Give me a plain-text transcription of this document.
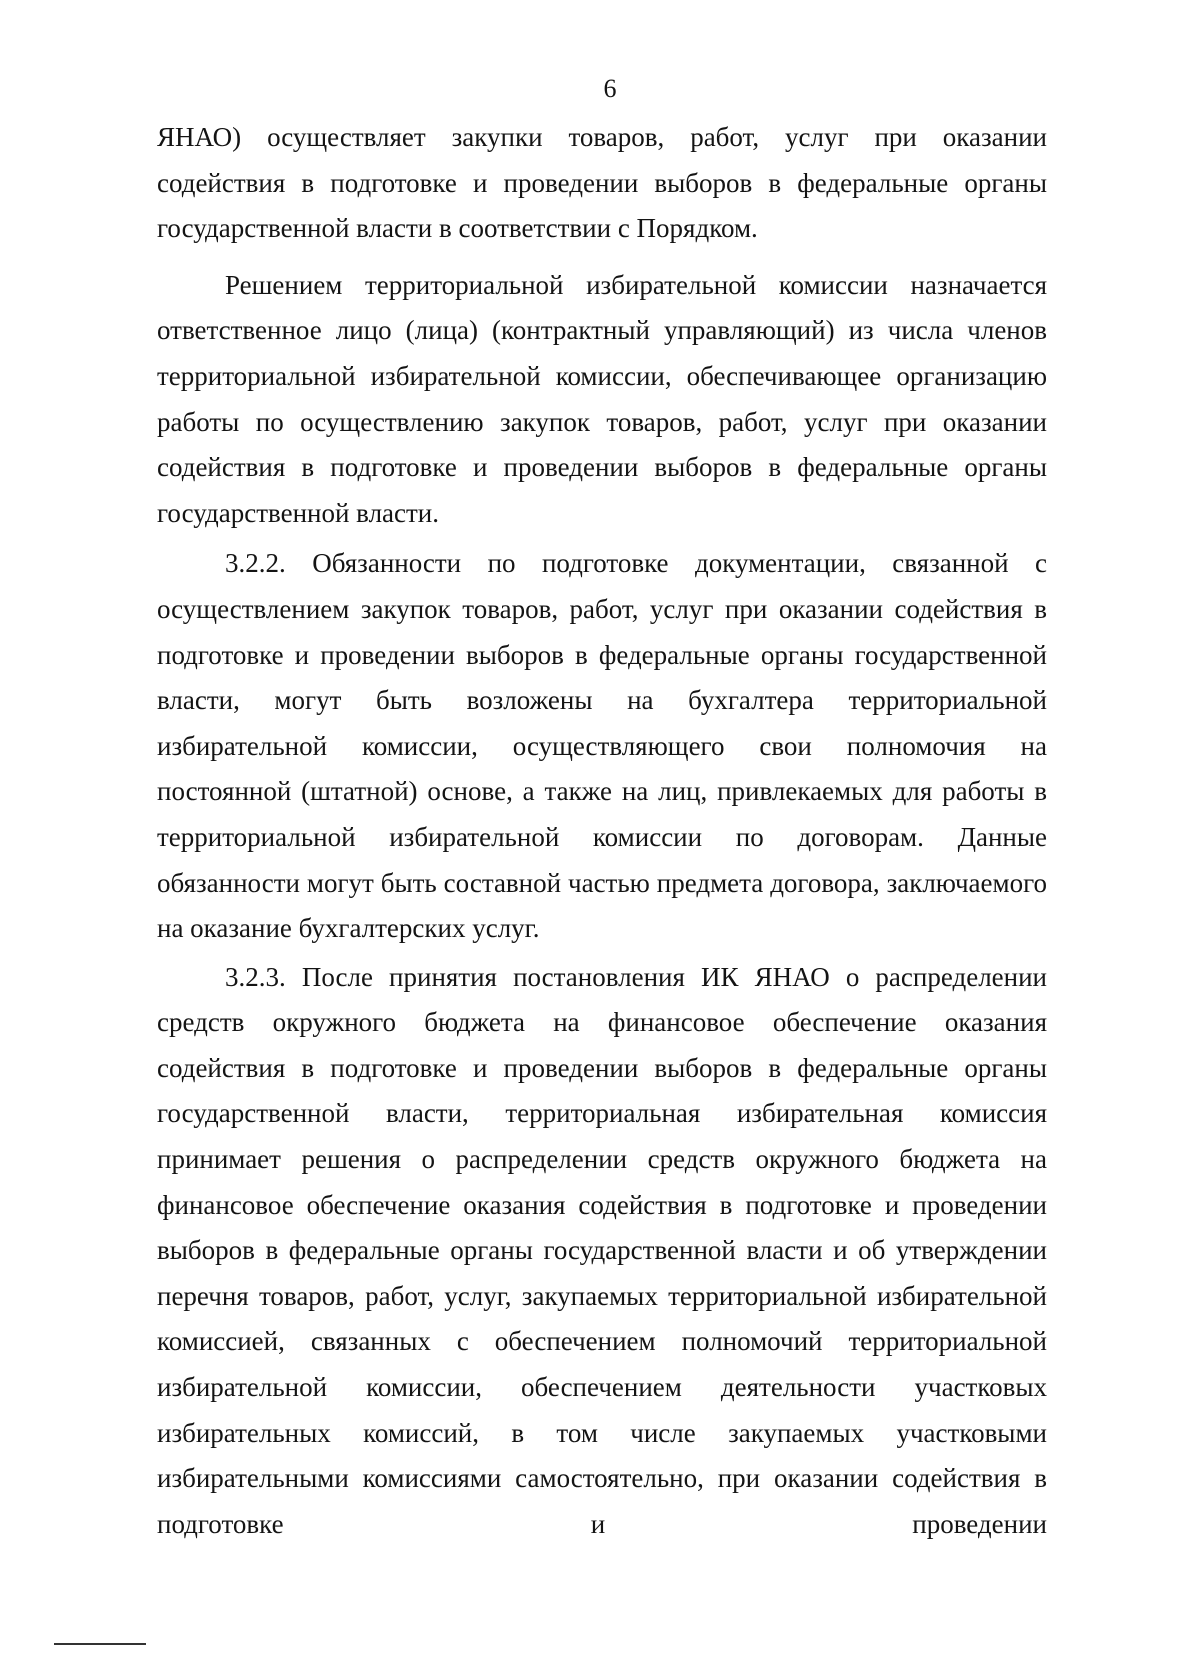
6

ЯНАО) осуществляет закупки товаров, работ, услуг при оказании содействия в подготовке и проведении выборов в федеральные органы государственной власти в соответствии с Порядком.

Решением территориальной избирательной комиссии назначается ответственное лицо (лица) (контрактный управляющий) из числа членов территориальной избирательной комиссии, обеспечивающее организацию работы по осуществлению закупок товаров, работ, услуг при оказании содействия в подготовке и проведении выборов в федеральные органы государственной власти.

3.2.2. Обязанности по подготовке документации, связанной с осуществлением закупок товаров, работ, услуг при оказании содействия в подготовке и проведении выборов в федеральные органы государственной власти, могут быть возложены на бухгалтера территориальной избирательной комиссии, осуществляющего свои полномочия на постоянной (штатной) основе, а также на лиц, привлекаемых для работы в территориальной избирательной комиссии по договорам. Данные обязанности могут быть составной частью предмета договора, заключаемого на оказание бухгалтерских услуг.

3.2.3. После принятия постановления ИК ЯНАО о распределении средств окружного бюджета на финансовое обеспечение оказания содействия в подготовке и проведении выборов в федеральные органы государственной власти, территориальная избирательная комиссия принимает решения о распределении средств окружного бюджета на финансовое обеспечение оказания содействия в подготовке и проведении выборов в федеральные органы государственной власти и об утверждении перечня товаров, работ, услуг, закупаемых территориальной избирательной комиссией, связанных с обеспечением полномочий территориальной избирательной комиссии, обеспечением деятельности участковых избирательных комиссий, в том числе закупаемых участковыми избирательными комиссиями самостоятельно, при оказании содействия в подготовке и проведении
